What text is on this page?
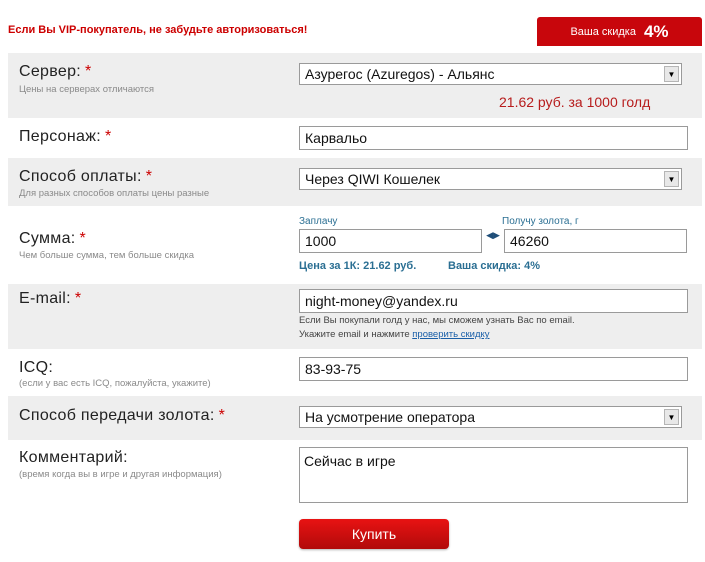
Если Вы VIP-покупатель, не забудьте авторизоваться!	Ваша скидка 4%
Сервер: *
Цены на серверах отличаются
Азурегос (Azuregos) - Альянс	▼
21.62 руб. за 1000 голд
Персонаж: *	Карвальо
Способ оплаты: *
Для разных способов оплаты цены разные
Через QIWI Кошелек	▼
Сумма: *
Чем больше сумма, тем больше скидка
Заплачу
1000	◀▶
Получу золота, г
46260
Цена за 1К: 21.62 руб.	Ваша скидка: 4%
E-mail: *	night-money@yandex.ru
Если Вы покупали голд у нас, мы сможем узнать Вас по email.
Укажите email и нажмите проверить скидку
ICQ:
(если у вас есть ICQ, пожалуйста, укажите)
83-93-75
Способ передачи золота: *	На усмотрение оператора	▼
Комментарий:
(время когда вы в игре и другая информация)
Сейчас в игре
Купить
